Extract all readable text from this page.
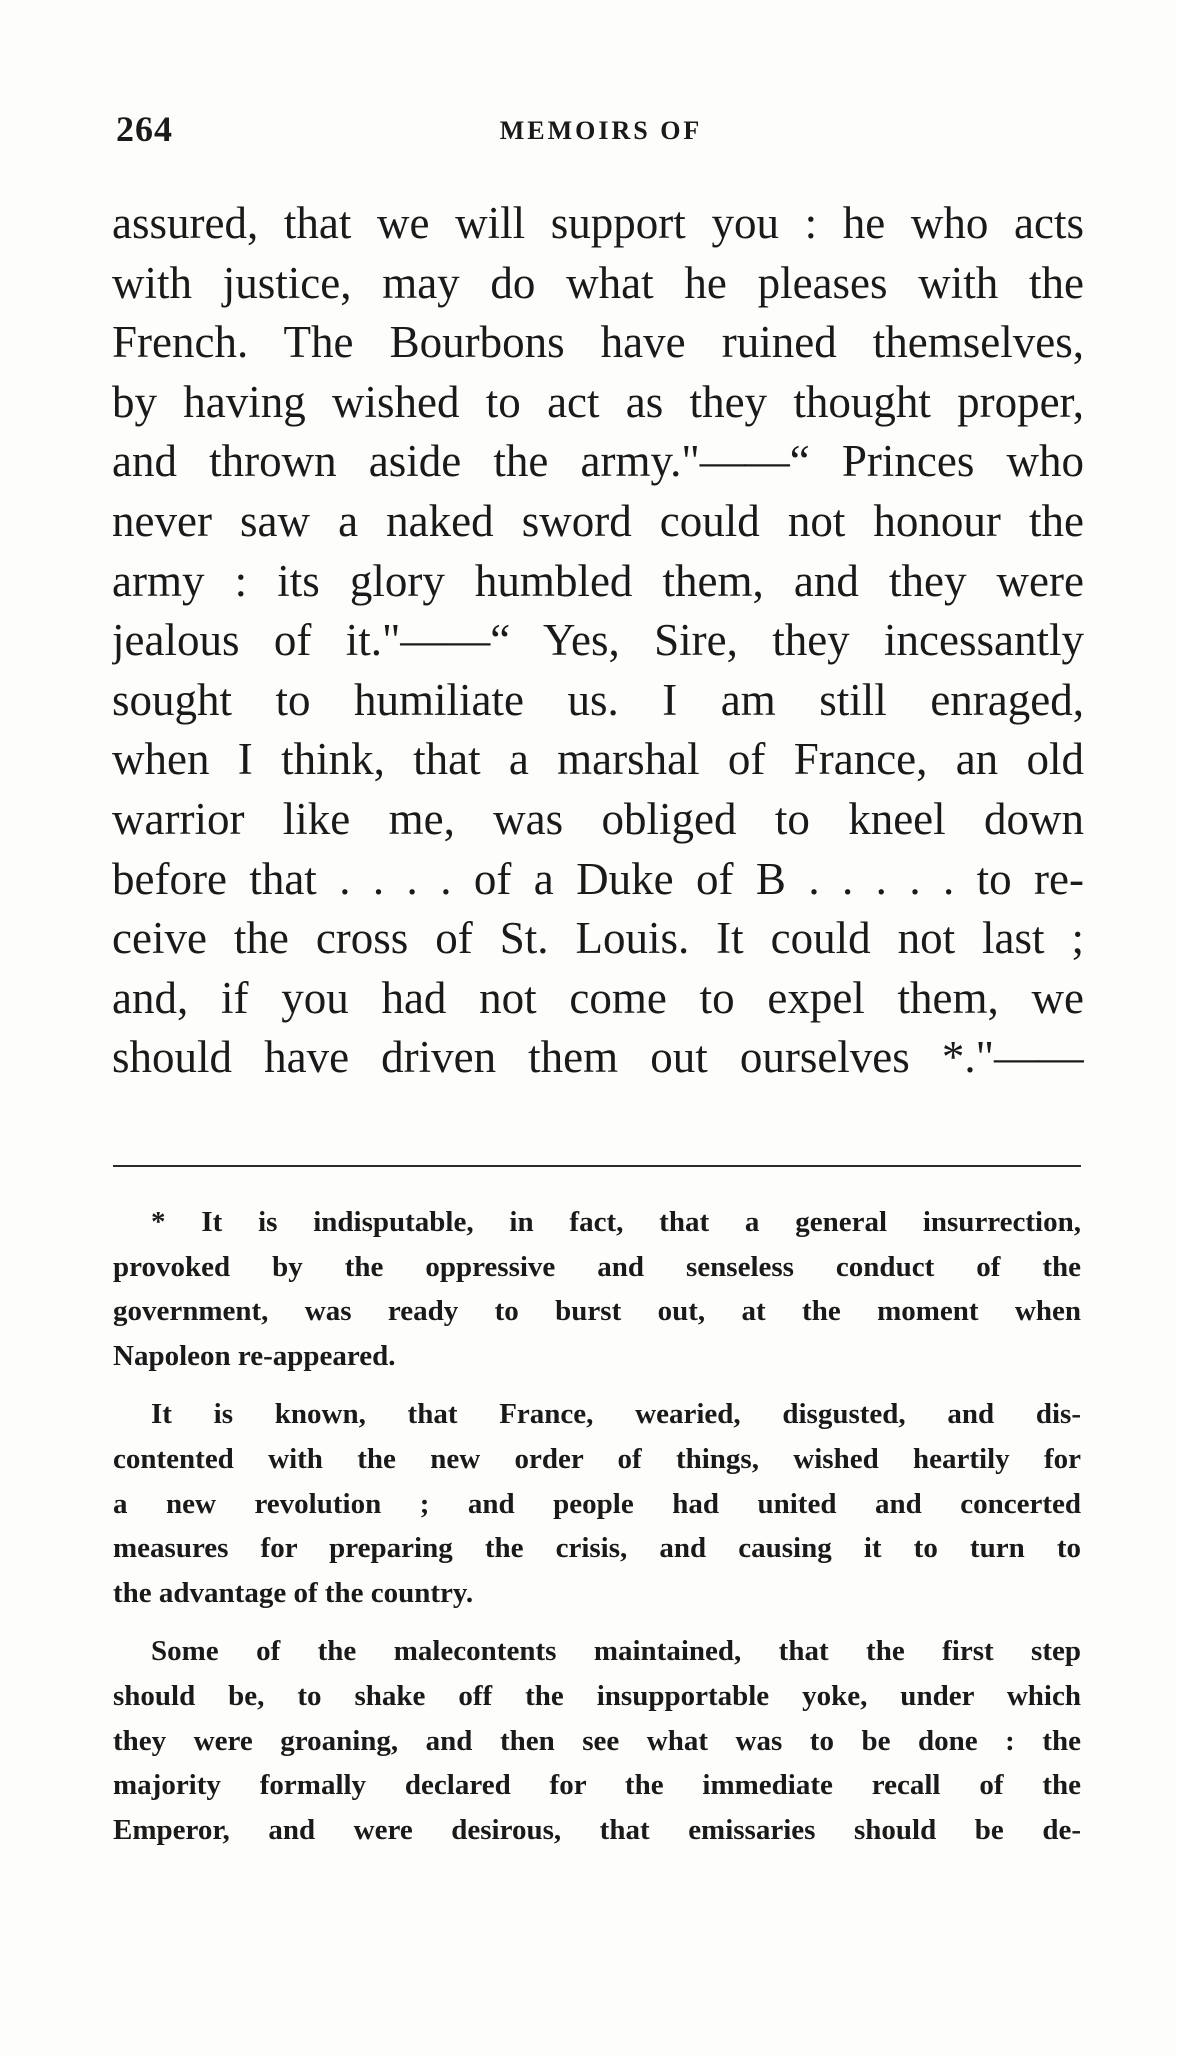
264	MEMOIRS OF
assured, that we will support you : he who acts
with justice, may do what he pleases with the
French. The Bourbons have ruined themselves,
by having wished to act as they thought proper,
and thrown aside the army."——“ Princes who
never saw a naked sword could not honour the
army : its glory humbled them, and they were
jealous of it."——“ Yes, Sire, they incessantly
sought to humiliate us. I am still enraged,
when I think, that a marshal of France, an old
warrior like me, was obliged to kneel down
before that . . . . of a Duke of B . . . . . to re-
ceive the cross of St. Louis. It could not last ;
and, if you had not come to expel them, we
should have driven them out ourselves *."——
* It is indisputable, in fact, that a general insurrection,
provoked by the oppressive and senseless conduct of the
government, was ready to burst out, at the moment when
Napoleon re-appeared.
It is known, that France, wearied, disgusted, and dis-
contented with the new order of things, wished heartily for
a new revolution ; and people had united and concerted
measures for preparing the crisis, and causing it to turn to
the advantage of the country.
Some of the malecontents maintained, that the first step
should be, to shake off the insupportable yoke, under which
they were groaning, and then see what was to be done : the
majority formally declared for the immediate recall of the
Emperor, and were desirous, that emissaries should be de-
